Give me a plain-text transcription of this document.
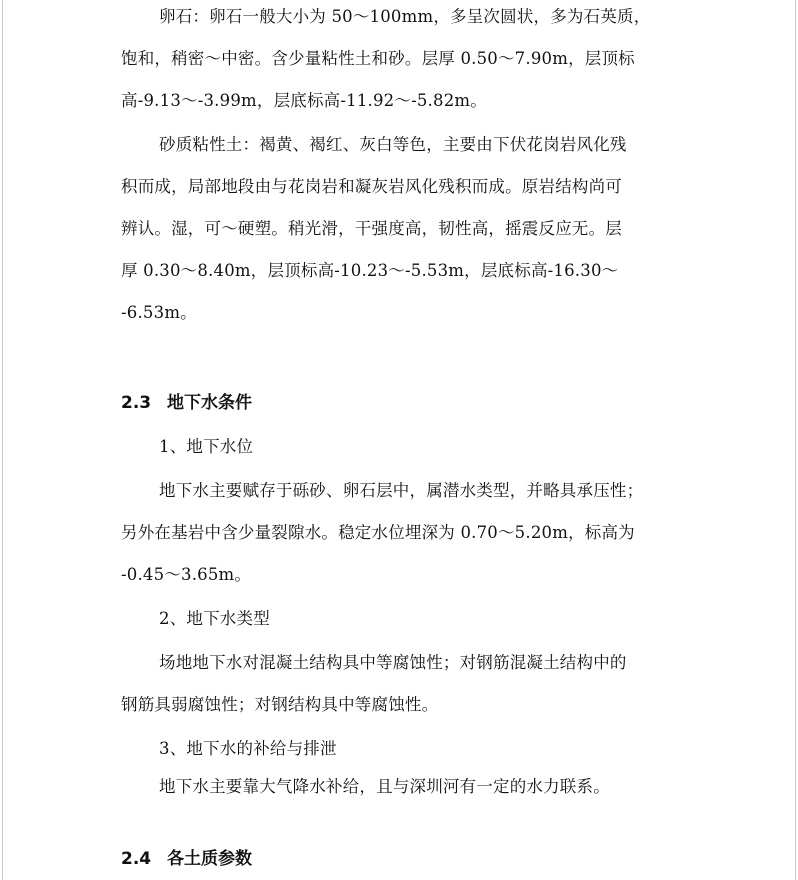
卵石：卵石一般大小为 50～100mm，多呈次圆状，多为石英质，
饱和，稍密～中密。含少量粘性土和砂。层厚 0.50～7.90m，层顶标
高-9.13～-3.99m，层底标高-11.92～-5.82m。
砂质粘性土：褐黄、褐红、灰白等色，主要由下伏花岗岩风化残
积而成，局部地段由与花岗岩和凝灰岩风化残积而成。原岩结构尚可
辨认。湿，可～硬塑。稍光滑，干强度高，韧性高，摇震反应无。层
厚 0.30～8.40m，层顶标高-10.23～-5.53m，层底标高-16.30～
-6.53m。
2.3 地下水条件
1、地下水位
地下水主要赋存于砾砂、卵石层中，属潜水类型，并略具承压性；
另外在基岩中含少量裂隙水。稳定水位埋深为 0.70～5.20m，标高为
-0.45～3.65m。
2、地下水类型
场地地下水对混凝土结构具中等腐蚀性；对钢筋混凝土结构中的
钢筋具弱腐蚀性；对钢结构具中等腐蚀性。
3、地下水的补给与排泄
地下水主要靠大气降水补给，且与深圳河有一定的水力联系。
2.4 各土质参数
